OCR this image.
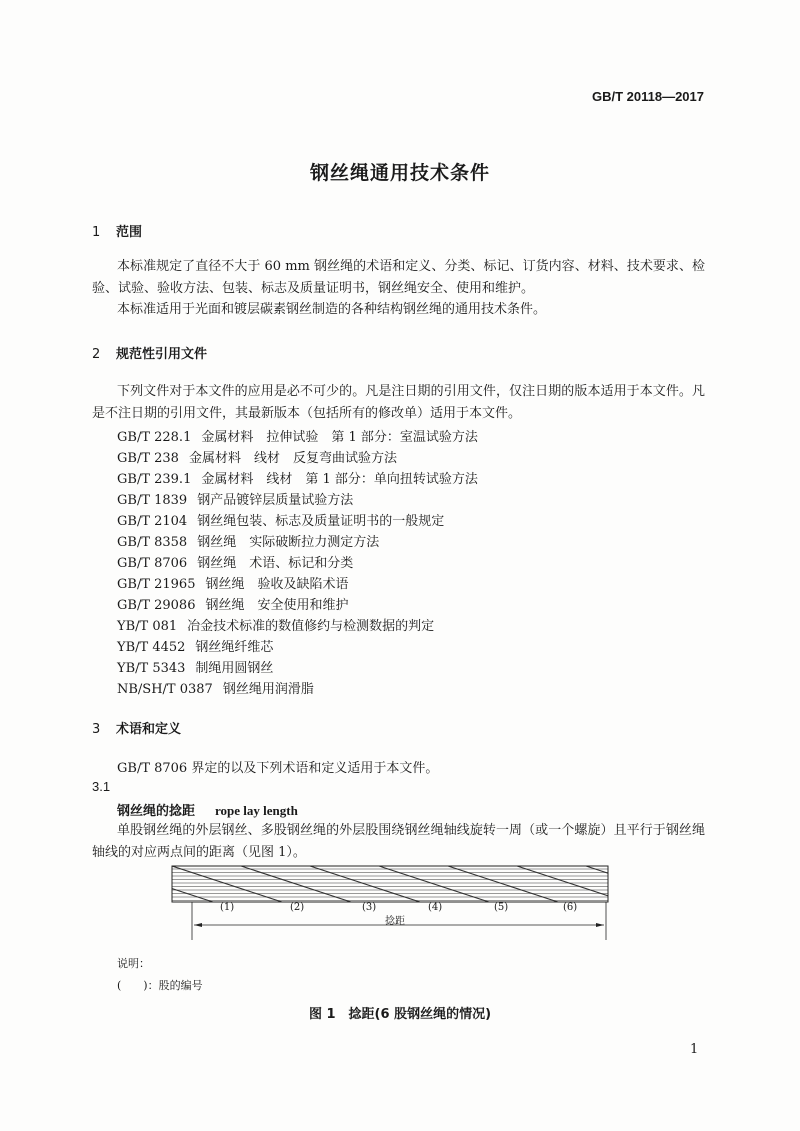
GB/T 20118—2017
钢丝绳通用技术条件
1 范围
本标准规定了直径不大于 60 mm 钢丝绳的术语和定义、分类、标记、订货内容、材料、技术要求、检验、试验、验收方法、包装、标志及质量证明书，钢丝绳安全、使用和维护。
本标准适用于光面和镀层碳素钢丝制造的各种结构钢丝绳的通用技术条件。
2 规范性引用文件
下列文件对于本文件的应用是必不可少的。凡是注日期的引用文件，仅注日期的版本适用于本文件。凡是不注日期的引用文件，其最新版本（包括所有的修改单）适用于本文件。
GB/T 228.1 金属材料　拉伸试验　第 1 部分：室温试验方法
GB/T 238 金属材料　线材　反复弯曲试验方法
GB/T 239.1 金属材料　线材　第 1 部分：单向扭转试验方法
GB/T 1839 钢产品镀锌层质量试验方法
GB/T 2104 钢丝绳包装、标志及质量证明书的一般规定
GB/T 8358 钢丝绳　实际破断拉力测定方法
GB/T 8706 钢丝绳　术语、标记和分类
GB/T 21965 钢丝绳　验收及缺陷术语
GB/T 29086 钢丝绳　安全使用和维护
YB/T 081 冶金技术标准的数值修约与检测数据的判定
YB/T 4452 钢丝绳纤维芯
YB/T 5343 制绳用圆钢丝
NB/SH/T 0387 钢丝绳用润滑脂
3 术语和定义
GB/T 8706 界定的以及下列术语和定义适用于本文件。
3.1
钢丝绳的捻距 rope lay length
单股钢丝绳的外层钢丝、多股钢丝绳的外层股围绕钢丝绳轴线旋转一周（或一个螺旋）且平行于钢丝绳轴线的对应两点间的距离（见图 1）。
(1)	(2)	(3)	(4)	(5)	(6)
捻距
说明：
(　　)：股的编号
图 1　捻距(6 股钢丝绳的情况)
1
